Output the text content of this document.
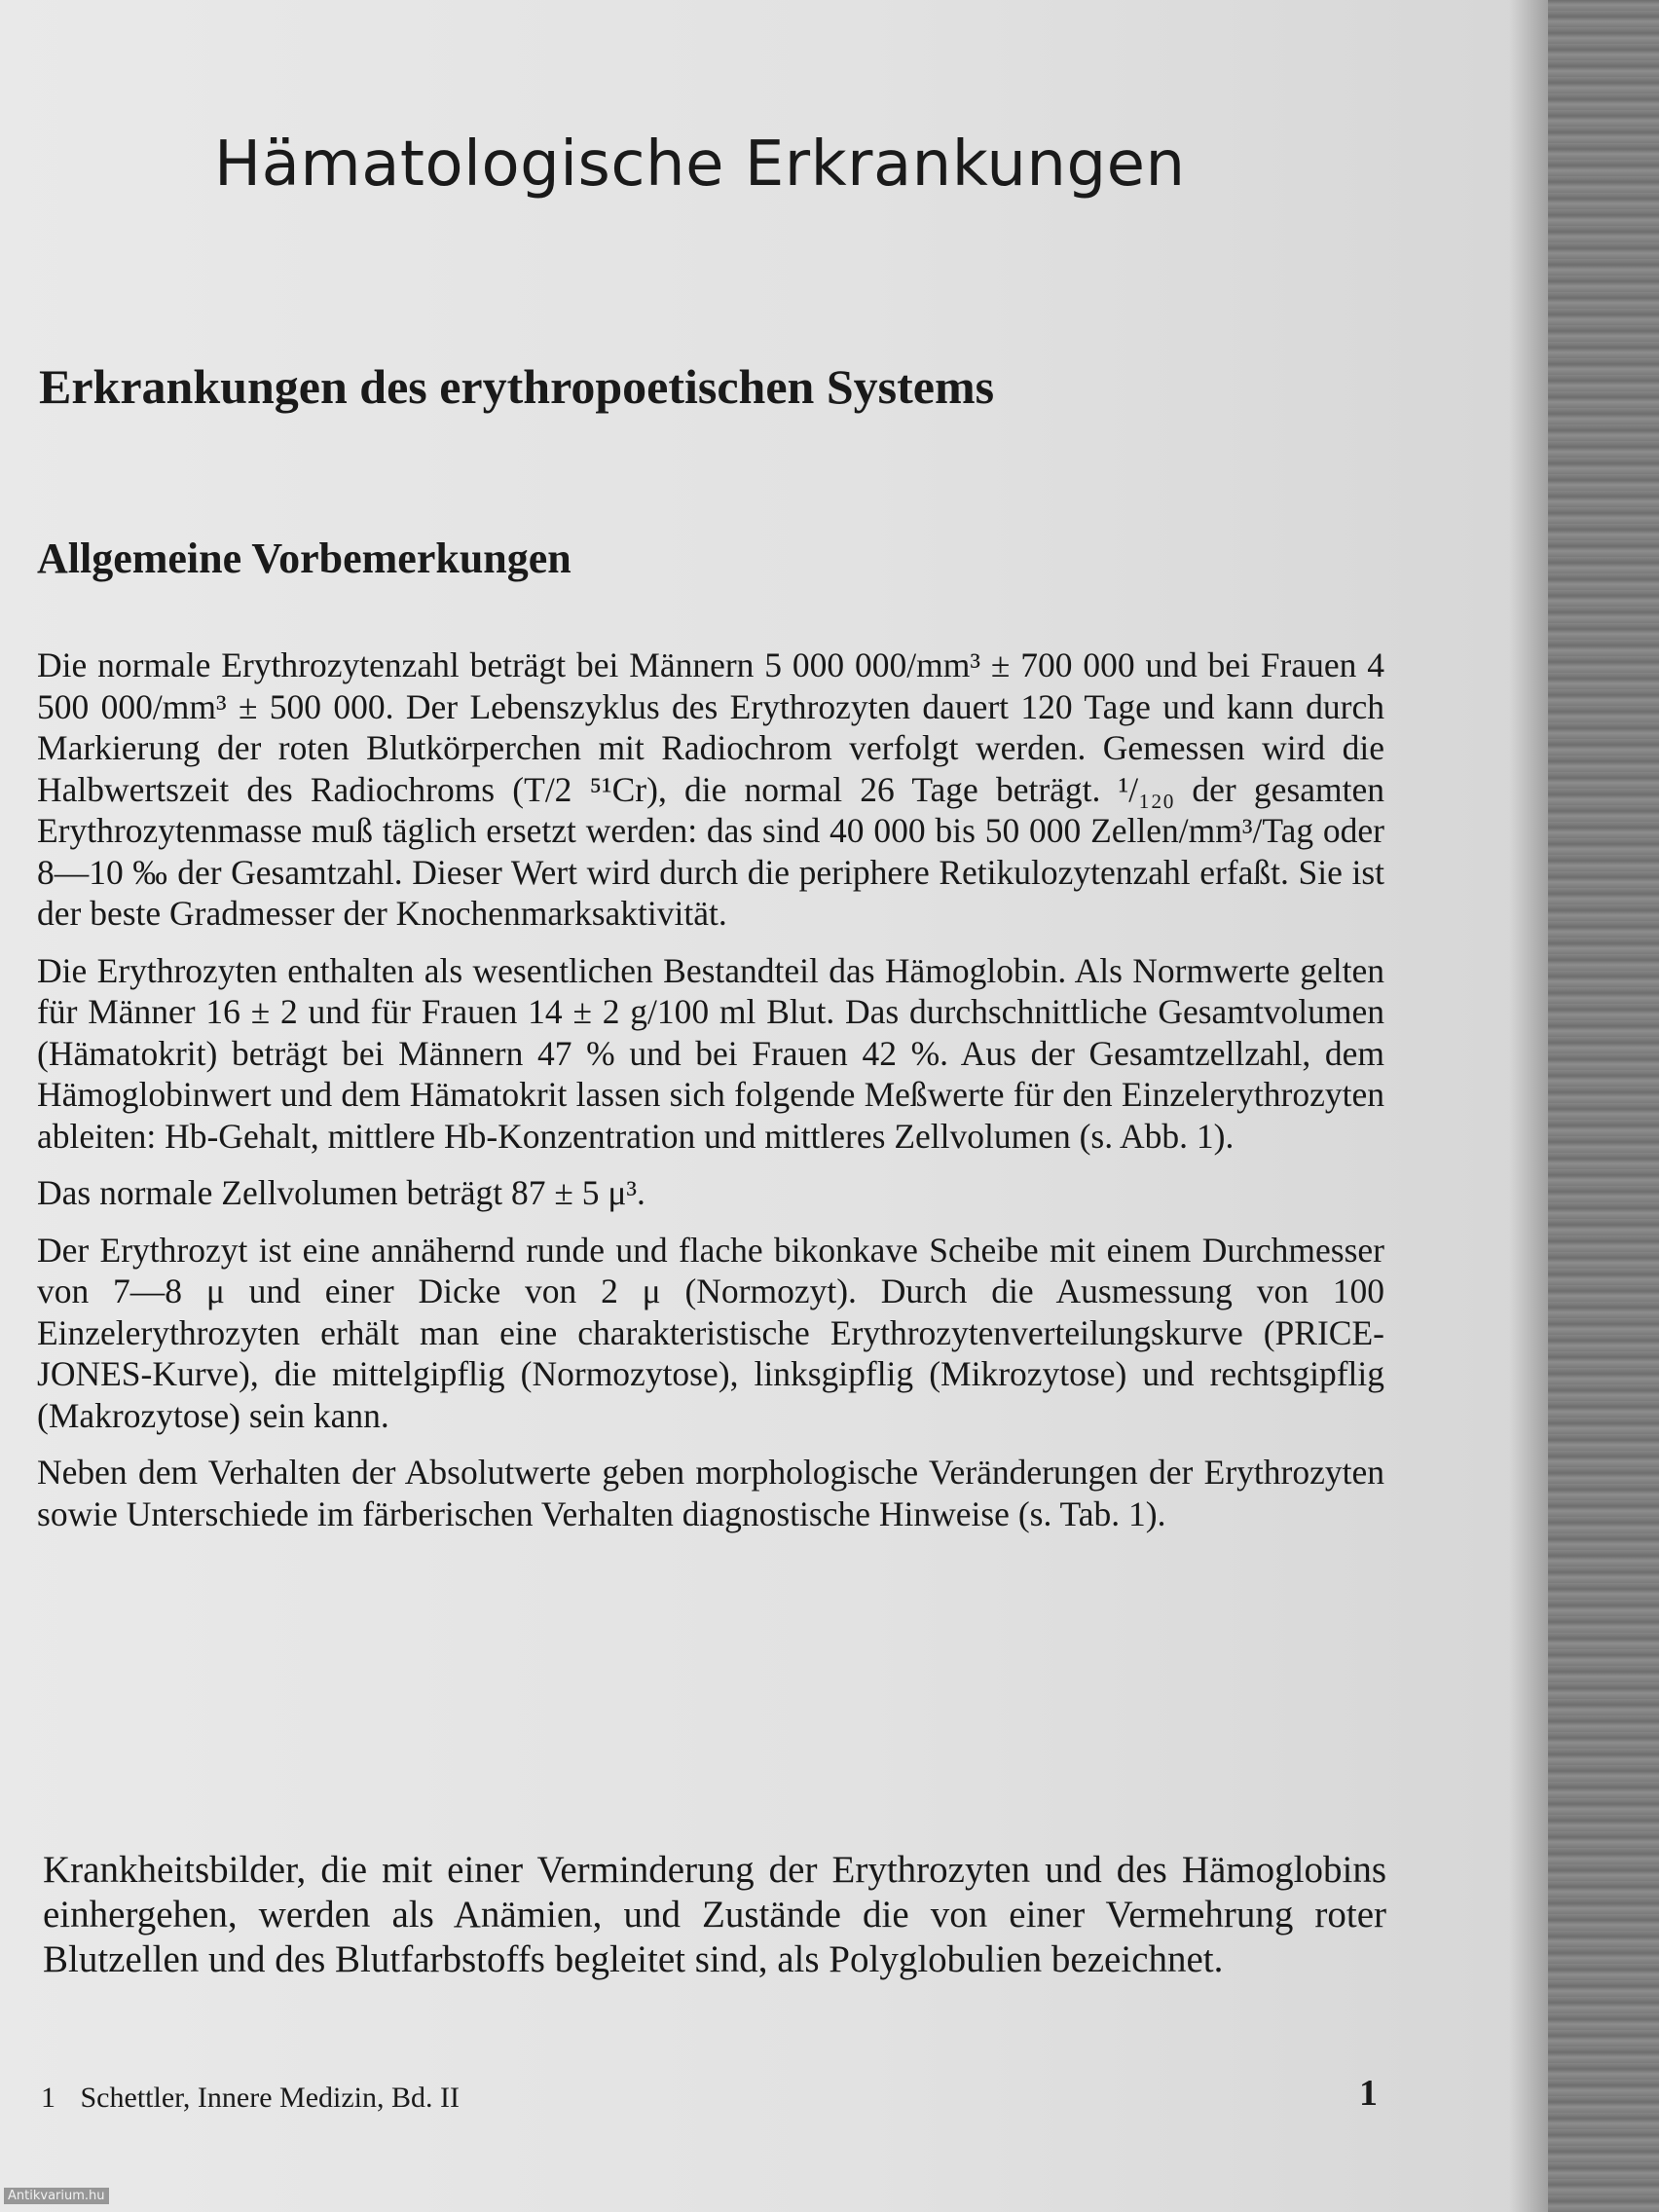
Hämatologische Erkrankungen
Erkrankungen des erythropoetischen Systems
Allgemeine Vorbemerkungen

Die normale Erythrozytenzahl beträgt bei Männern 5 000 000/mm³ ± 700 000 und bei Frauen 4 500 000/mm³ ± 500 000. Der Lebenszyklus des Erythrozyten dauert 120 Tage und kann durch Markierung der roten Blutkörperchen mit Radiochrom verfolgt werden. Gemessen wird die Halbwertszeit des Radiochroms (T/2 ⁵¹Cr), die normal 26 Tage beträgt. ¹/₁₂₀ der gesamten Erythrozytenmasse muß täglich ersetzt werden: das sind 40 000 bis 50 000 Zellen/mm³/Tag oder 8—10 ‰ der Gesamtzahl. Dieser Wert wird durch die periphere Retikulozytenzahl erfaßt. Sie ist der beste Gradmesser der Knochenmarksaktivität.

Die Erythrozyten enthalten als wesentlichen Bestandteil das Hämoglobin. Als Normwerte gelten für Männer 16 ± 2 und für Frauen 14 ± 2 g/100 ml Blut. Das durchschnittliche Gesamtvolumen (Hämatokrit) beträgt bei Männern 47 % und bei Frauen 42 %. Aus der Gesamtzellzahl, dem Hämoglobinwert und dem Hämatokrit lassen sich folgende Meßwerte für den Einzelerythrozyten ableiten: Hb-Gehalt, mittlere Hb-Konzentration und mittleres Zellvolumen (s. Abb. 1).

Das normale Zellvolumen beträgt 87 ± 5 μ³.

Der Erythrozyt ist eine annähernd runde und flache bikonkave Scheibe mit einem Durchmesser von 7—8 μ und einer Dicke von 2 μ (Normozyt). Durch die Ausmessung von 100 Einzelerythrozyten erhält man eine charakteristische Erythrozytenverteilungskurve (PRICE-JONES-Kurve), die mittelgipflig (Normozytose), linksgipflig (Mikrozytose) und rechtsgipflig (Makrozytose) sein kann.

Neben dem Verhalten der Absolutwerte geben morphologische Veränderungen der Erythrozyten sowie Unterschiede im färberischen Verhalten diagnostische Hinweise (s. Tab. 1).

Krankheitsbilder, die mit einer Verminderung der Erythrozyten und des Hämoglobins einhergehen, werden als Anämien, und Zustände die von einer Vermehrung roter Blutzellen und des Blutfarbstoffs begleitet sind, als Polyglobulien bezeichnet.

1 Schettler, Innere Medizin, Bd. II	1
Antikvarium.hu
